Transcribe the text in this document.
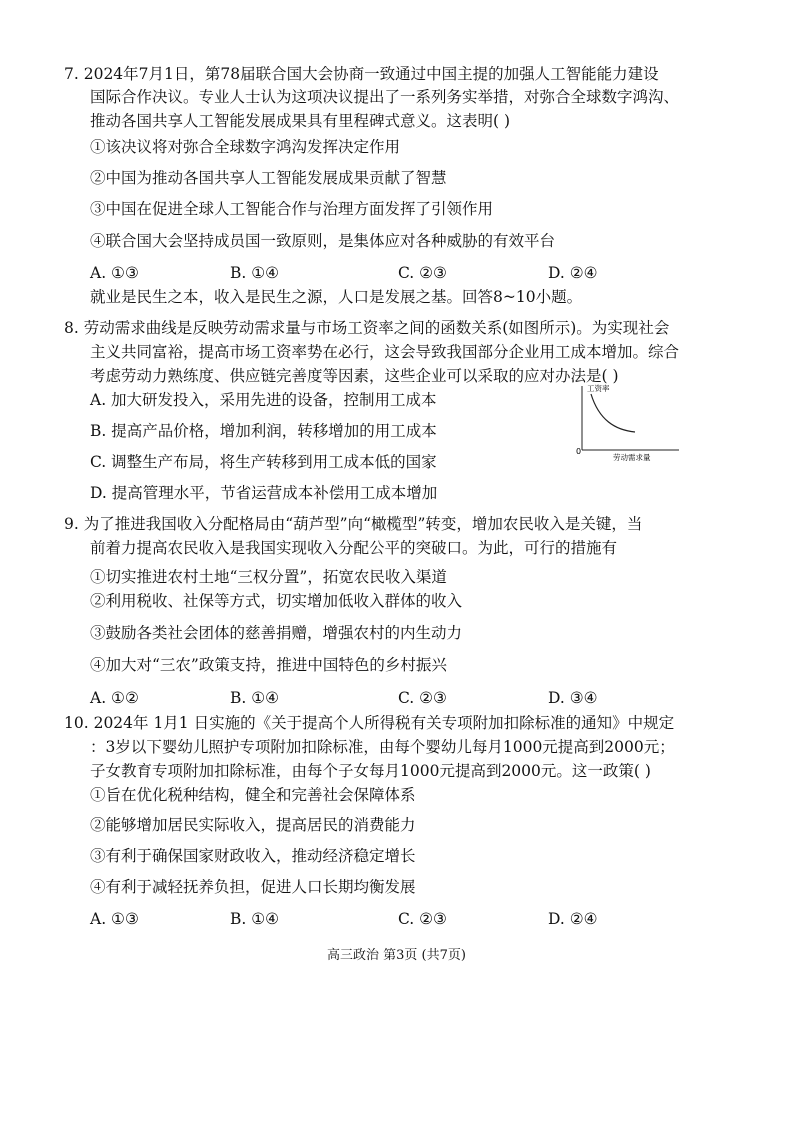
7. 2024年7月1日，第78届联合国大会协商一致通过中国主提的加强人工智能能力建设
国际合作决议。专业人士认为这项决议提出了一系列务实举措，对弥合全球数字鸿沟、
推动各国共享人工智能发展成果具有里程碑式意义。这表明( )
①该决议将对弥合全球数字鸿沟发挥决定作用
②中国为推动各国共享人工智能发展成果贡献了智慧
③中国在促进全球人工智能合作与治理方面发挥了引领作用
④联合国大会坚持成员国一致原则，是集体应对各种威胁的有效平台
A. ①③	B. ①④	C. ②③	D. ②④
就业是民生之本，收入是民生之源，人口是发展之基。回答8~10小题。
8. 劳动需求曲线是反映劳动需求量与市场工资率之间的函数关系(如图所示)。为实现社会
主义共同富裕，提高市场工资率势在必行，这会导致我国部分企业用工成本增加。综合
考虑劳动力熟练度、供应链完善度等因素，这些企业可以采取的应对办法是( )
A. 加大研发投入，采用先进的设备，控制用工成本
B. 提高产品价格，增加利润，转移增加的用工成本
C. 调整生产布局，将生产转移到用工成本低的国家
D. 提高管理水平，节省运营成本补偿用工成本增加
工资率
0
劳动需求量
9. 为了推进我国收入分配格局由“葫芦型”向“橄榄型”转变，增加农民收入是关键，当
前着力提高农民收入是我国实现收入分配公平的突破口。为此，可行的措施有
①切实推进农村土地“三权分置”，拓宽农民收入渠道
②利用税收、社保等方式，切实增加低收入群体的收入
③鼓励各类社会团体的慈善捐赠，增强农村的内生动力
④加大对“三农”政策支持，推进中国特色的乡村振兴
A. ①②	B. ①④	C. ②③	D. ③④
10. 2024年 1月1 日实施的《关于提高个人所得税有关专项附加扣除标准的通知》中规定
：3岁以下婴幼儿照护专项附加扣除标准，由每个婴幼儿每月1000元提高到2000元；
子女教育专项附加扣除标准，由每个子女每月1000元提高到2000元。这一政策( )
①旨在优化税种结构，健全和完善社会保障体系
②能够增加居民实际收入，提高居民的消费能力
③有利于确保国家财政收入，推动经济稳定增长
④有利于减轻抚养负担，促进人口长期均衡发展
A. ①③	B. ①④	C. ②③	D. ②④
高三政治 第3页 (共7页)
